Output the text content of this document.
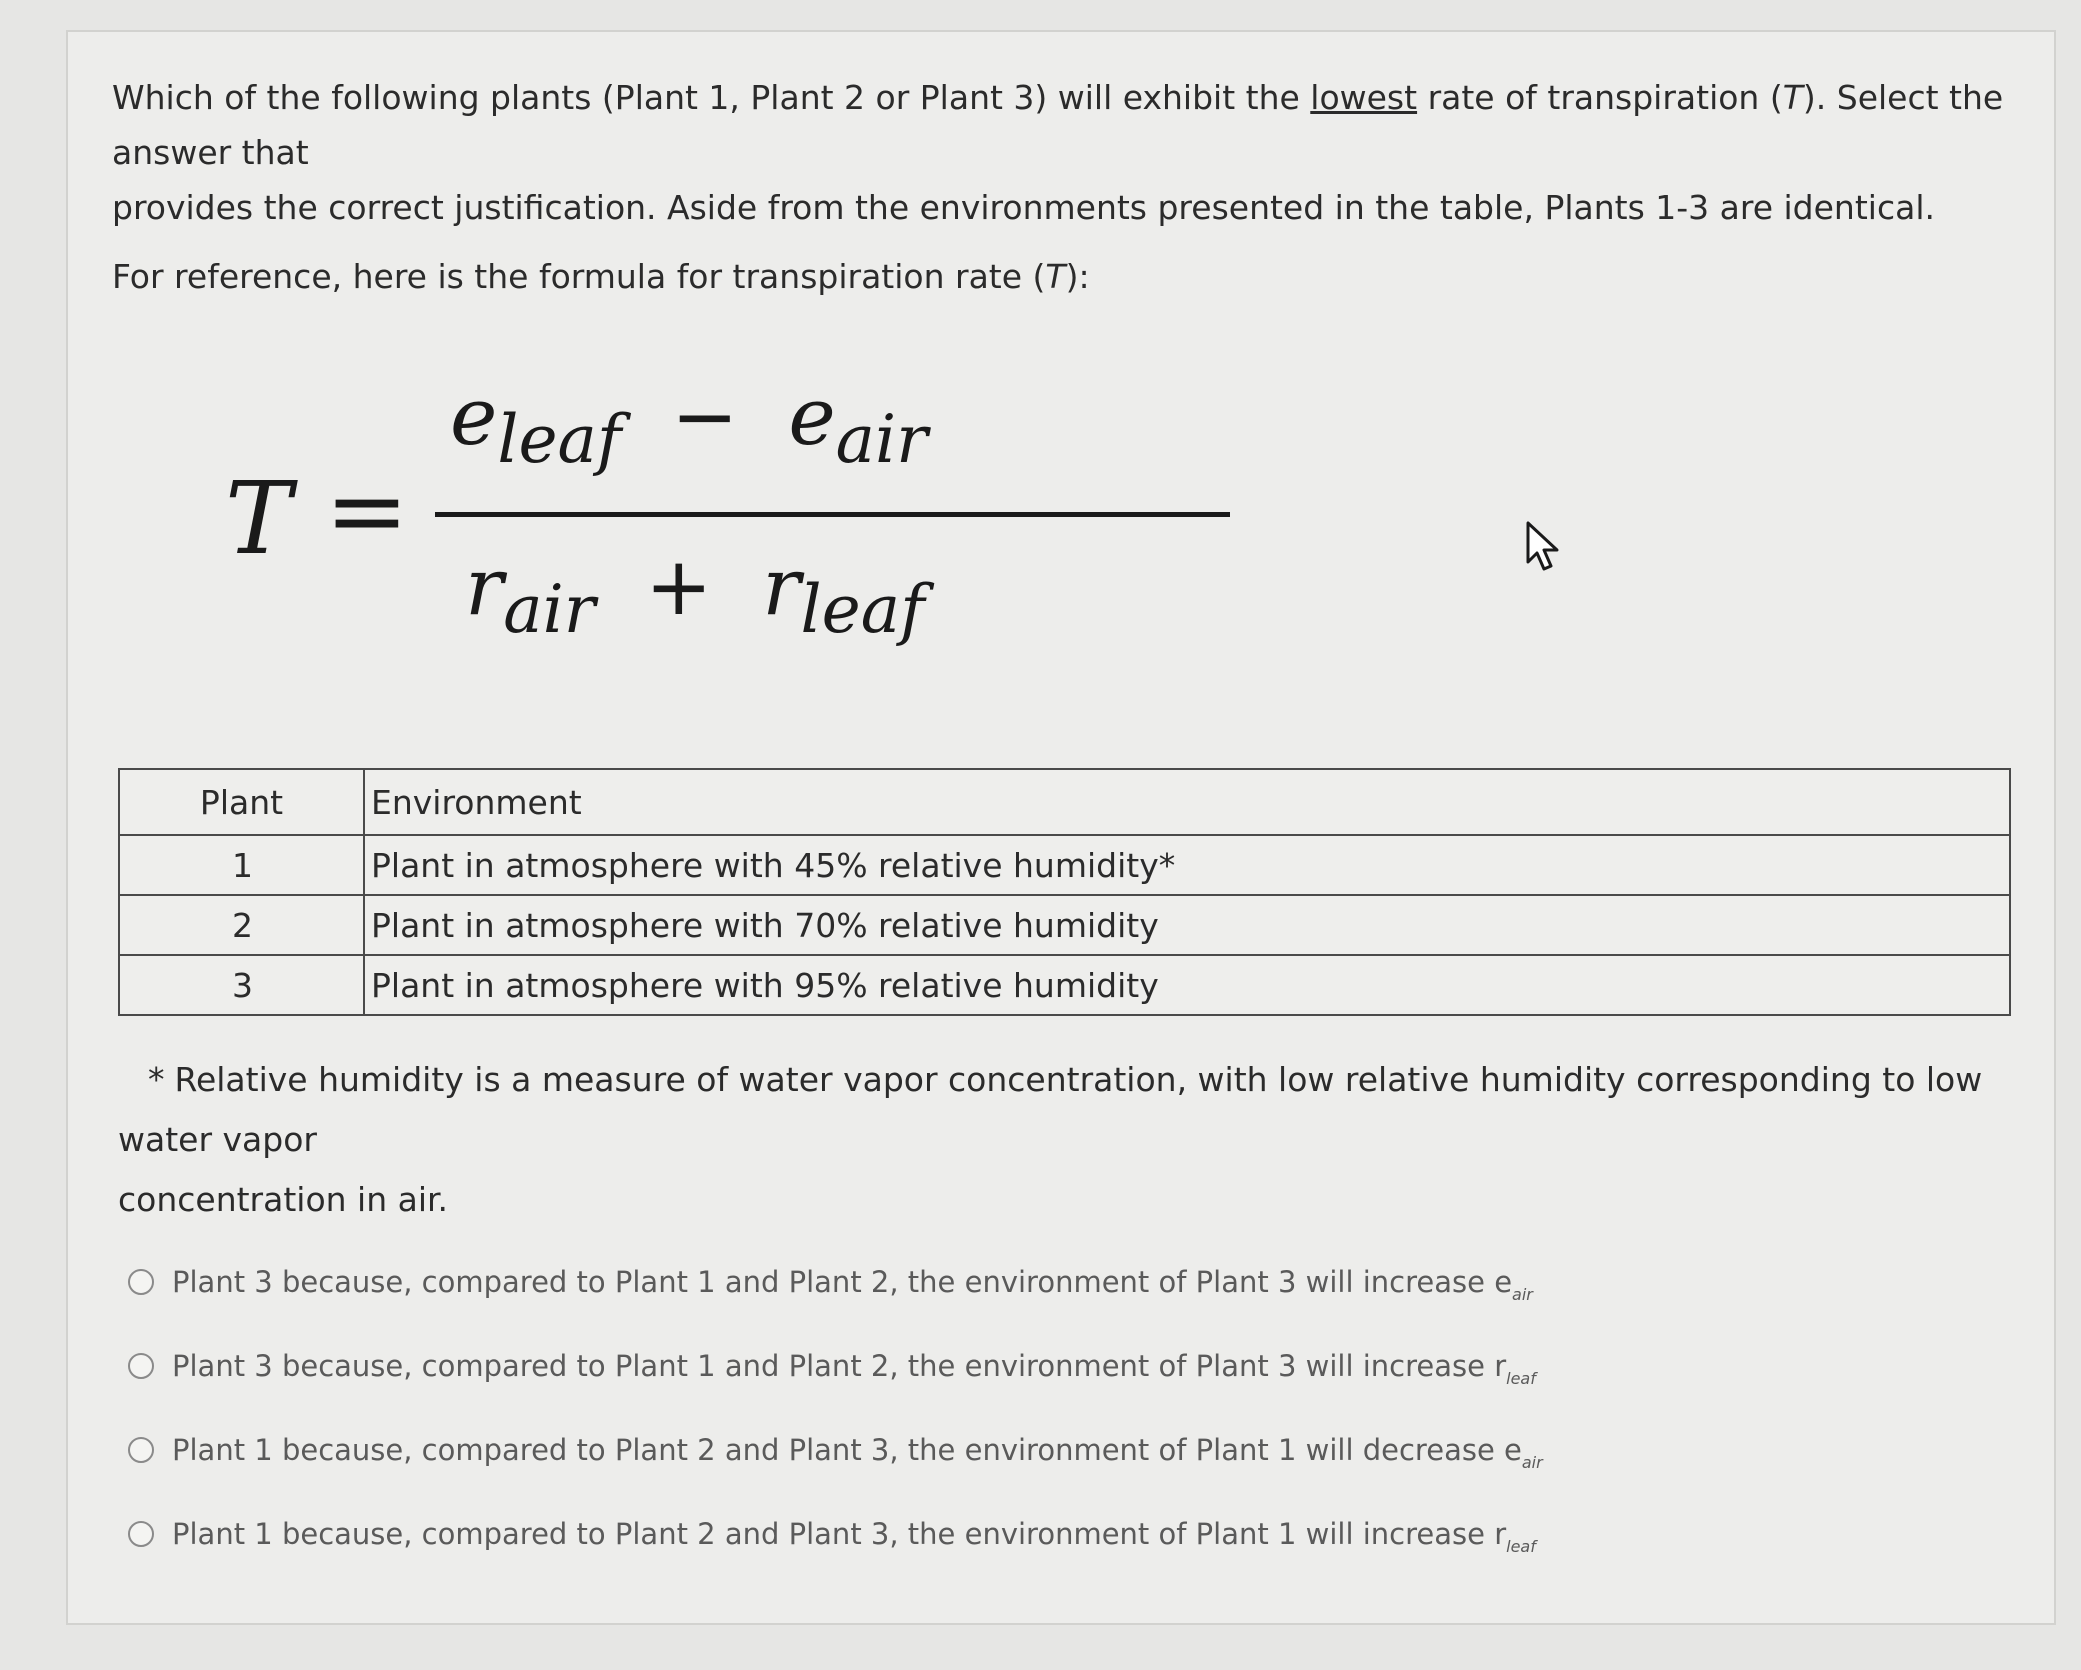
Which of the following plants (Plant 1, Plant 2 or Plant 3) will exhibit the lowest rate of transpiration (T). Select the answer that

provides the correct justification. Aside from the environments presented in the table, Plants 1-3 are identical.

For reference, here is the formula for transpiration rate (T):

T =
$e_{leaf} - e_{air}$
$r_{air} + r_{leaf}$
Plant	Environment
1	Plant in atmosphere with 45% relative humidity*
2	Plant in atmosphere with 70% relative humidity
3	Plant in atmosphere with 95% relative humidity
* Relative humidity is a measure of water vapor concentration, with low relative humidity corresponding to low water vapor
concentration in air.
Plant 3 because, compared to Plant 1 and Plant 2, the environment of Plant 3 will increase $e_{air}$
Plant 3 because, compared to Plant 1 and Plant 2, the environment of Plant 3 will increase $r_{leaf}$
Plant 1 because, compared to Plant 2 and Plant 3, the environment of Plant 1 will decrease $e_{air}$
Plant 1 because, compared to Plant 2 and Plant 3, the environment of Plant 1 will increase $r_{leaf}$
